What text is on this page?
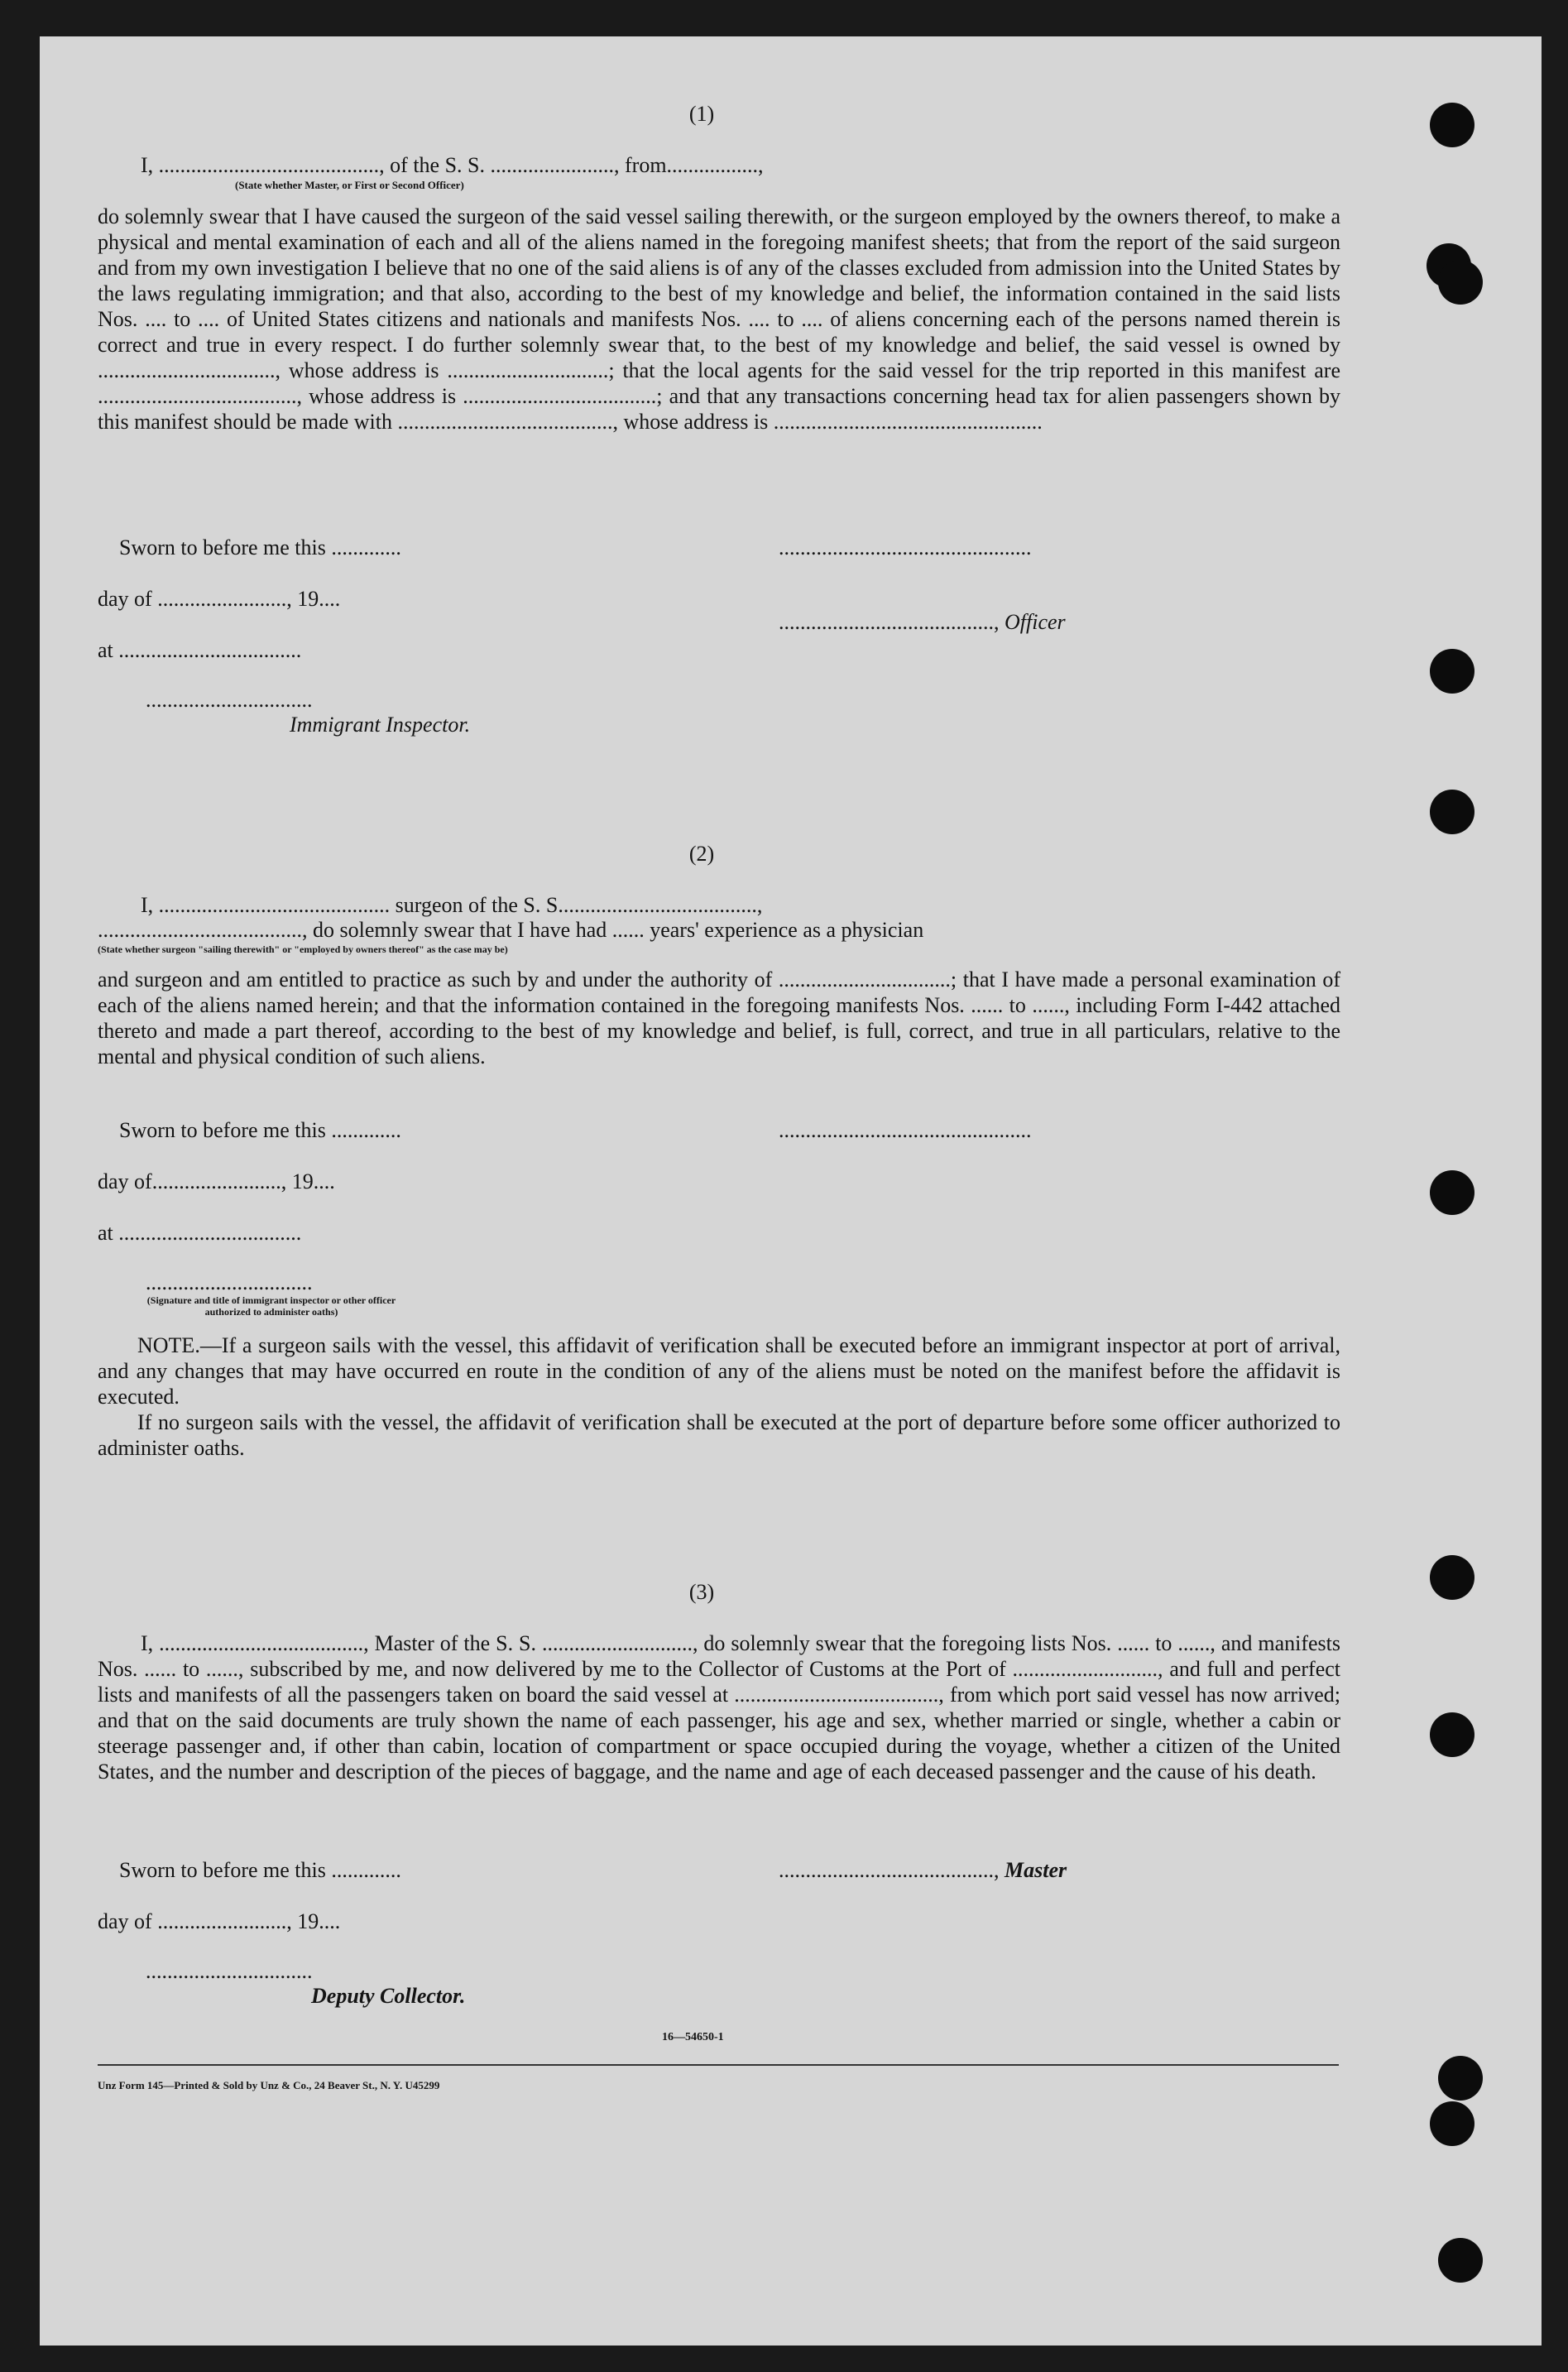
(1)
I, ........................................., of the S. S. ......................., from.................,
(State whether Master, or First or Second Officer)
do solemnly swear that I have caused the surgeon of the said vessel sailing therewith, or the surgeon employed by the owners thereof, to make a physical and mental examination of each and all of the aliens named in the foregoing manifest sheets; that from the report of the said surgeon and from my own investigation I believe that no one of the said aliens is of any of the classes excluded from admission into the United States by the laws regulating immigration; and that also, according to the best of my knowledge and belief, the information contained in the said lists Nos. .... to .... of United States citizens and nationals and manifests Nos. .... to .... of aliens concerning each of the persons named therein is correct and true in every respect. I do further solemnly swear that, to the best of my knowledge and belief, the said vessel is owned by ................................., whose address is ..............................; that the local agents for the said vessel for the trip reported in this manifest are ....................................., whose address is ....................................; and that any transactions concerning head tax for alien passengers shown by this manifest should be made with ........................................, whose address is ..................................................
Sworn to before me this .............	...............................................
day of ........................, 19....
........................................, Officer
at ..................................
...............................
Immigrant Inspector.
(2)
I, ........................................... surgeon of the S. S.....................................,
......................................, do solemnly swear that I have had ...... years' experience as a physician
(State whether surgeon "sailing therewith" or "employed by owners thereof" as the case may be)
and surgeon and am entitled to practice as such by and under the authority of ................................; that I have made a personal examination of each of the aliens named herein; and that the information contained in the foregoing manifests Nos. ...... to ......, including Form I-442 attached thereto and made a part thereof, according to the best of my knowledge and belief, is full, correct, and true in all particulars, relative to the mental and physical condition of such aliens.
Sworn to before me this .............	...............................................
day of........................, 19....
at ..................................
...............................
(Signature and title of immigrant inspector or other officer authorized to administer oaths)
NOTE.—If a surgeon sails with the vessel, this affidavit of verification shall be executed before an immigrant inspector at port of arrival, and any changes that may have occurred en route in the condition of any of the aliens must be noted on the manifest before the affidavit is executed.
If no surgeon sails with the vessel, the affidavit of verification shall be executed at the port of departure before some officer authorized to administer oaths.
(3)
I, ......................................, Master of the S. S. ............................, do solemnly swear that the foregoing lists Nos. ...... to ......, and manifests Nos. ...... to ......, subscribed by me, and now delivered by me to the Collector of Customs at the Port of ..........................., and full and perfect lists and manifests of all the passengers taken on board the said vessel at ......................................, from which port said vessel has now arrived; and that on the said documents are truly shown the name of each passenger, his age and sex, whether married or single, whether a cabin or steerage passenger and, if other than cabin, location of compartment or space occupied during the voyage, whether a citizen of the United States, and the number and description of the pieces of baggage, and the name and age of each deceased passenger and the cause of his death.
Sworn to before me this .............	........................................, Master
day of ........................, 19....
...............................
Deputy Collector.
16—54650-1
Unz Form 145—Printed & Sold by Unz & Co., 24 Beaver St., N. Y. U45299
